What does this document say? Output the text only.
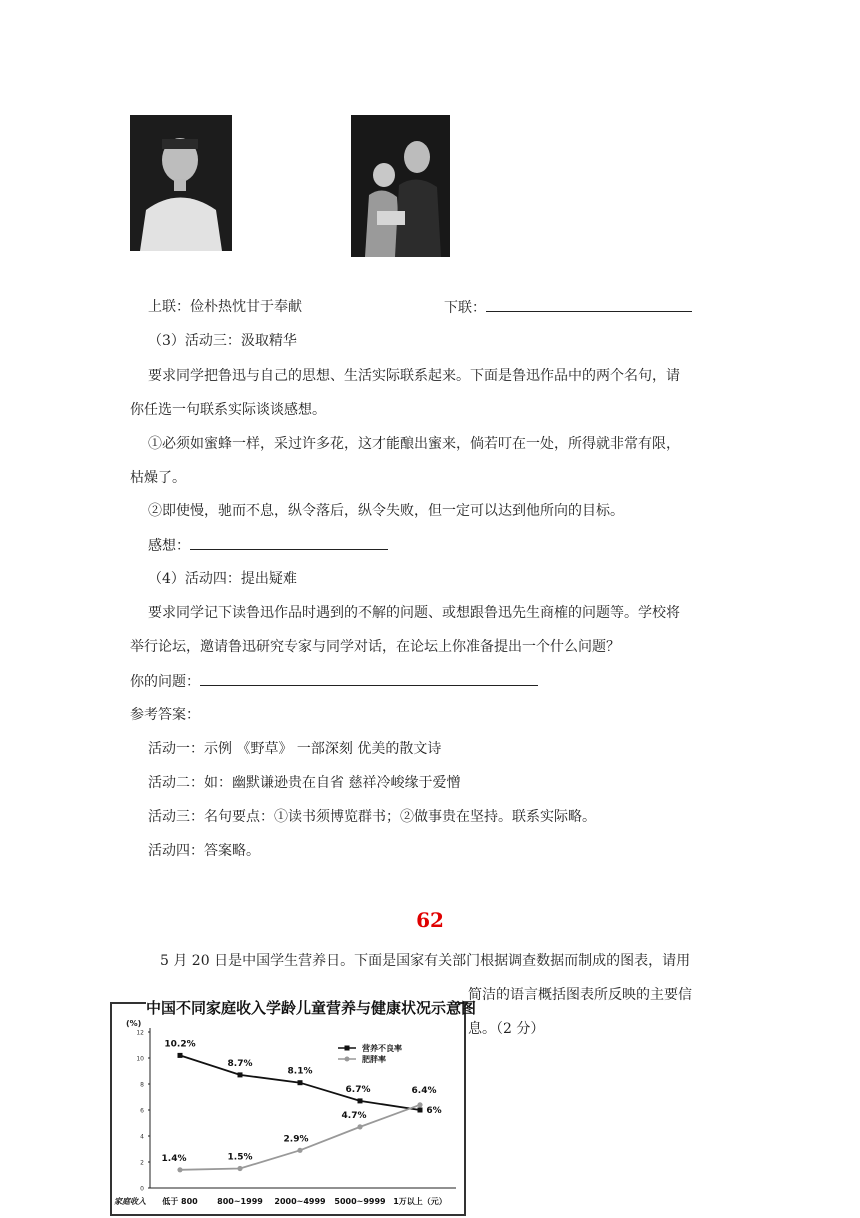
上联：俭朴热忱甘于奉献	下联：
（3）活动三：汲取精华
要求同学把鲁迅与自己的思想、生活实际联系起来。下面是鲁迅作品中的两个名句，请
你任选一句联系实际谈谈感想。
①必须如蜜蜂一样，采过许多花，这才能酿出蜜来，倘若叮在一处，所得就非常有限，
枯燥了。
②即使慢，驰而不息，纵令落后，纵令失败，但一定可以达到他所向的目标。
感想：
（4）活动四：提出疑难
要求同学记下读鲁迅作品时遇到的不解的问题、或想跟鲁迅先生商榷的问题等。学校将
举行论坛，邀请鲁迅研究专家与同学对话，在论坛上你准备提出一个什么问题？
你的问题：
参考答案：
活动一：示例 《野草》 一部深刻 优美的散文诗
活动二：如：幽默谦逊贵在自省 慈祥冷峻缘于爱憎
活动三：名句要点：①读书须博览群书；②做事贵在坚持。联系实际略。
活动四：答案略。
62
5 月 20 日是中国学生营养日。下面是国家有关部门根据调查数据而制成的图表，请用
简洁的语言概括图表所反映的主要信
息。（2 分）
(%)
12
10
8
6
4
2
0
家庭收入 低于 800 800~1999 2000~4999 5000~9999 1万以上（元）
10.2%
8.7%
8.1%
6.7%
6%
1.4%	1.5%
2.9%
4.7%
6.4%
营养不良率
肥胖率
中国不同家庭收入学龄儿童营养与健康状况示意图
